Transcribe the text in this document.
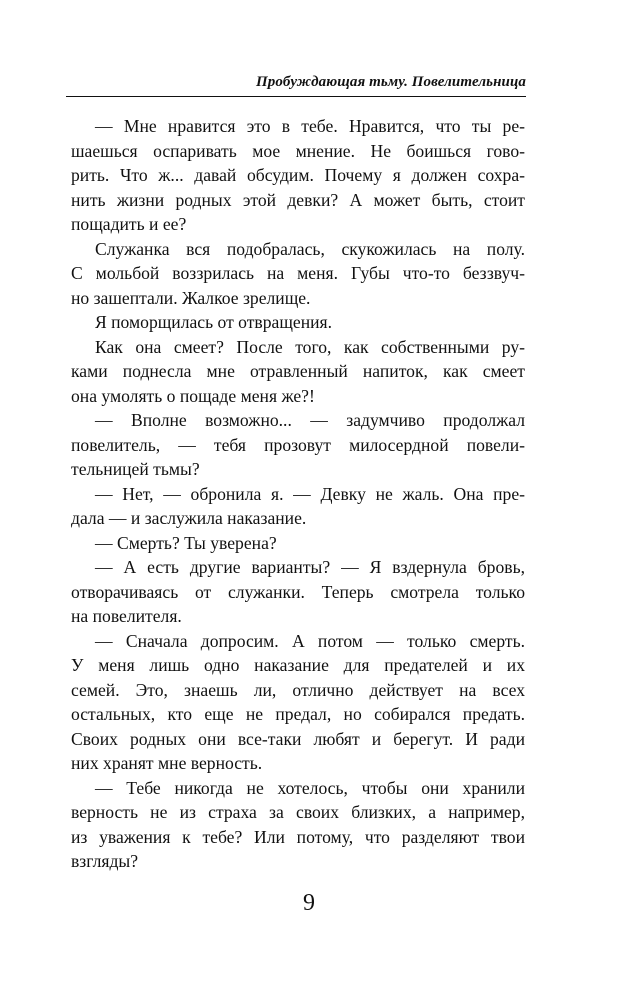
Пробуждающая тьму. Повелительница
— Мне нравится это в тебе. Нравится, что ты ре-
шаешься оспаривать мое мнение. Не боишься гово-
рить. Что ж... давай обсудим. Почему я должен сохра-
нить жизни родных этой девки? А может быть, стоит
пощадить и ее?
Служанка вся подобралась, скукожилась на полу.
С мольбой воззрилась на меня. Губы что-то беззвуч-
но зашептали. Жалкое зрелище.
Я поморщилась от отвращения.
Как она смеет? После того, как собственными ру-
ками поднесла мне отравленный напиток, как смеет
она умолять о пощаде меня же?!
— Вполне возможно... — задумчиво продолжал
повелитель, — тебя прозовут милосердной повели-
тельницей тьмы?
— Нет, — обронила я. — Девку не жаль. Она пре-
дала — и заслужила наказание.
— Смерть? Ты уверена?
— А есть другие варианты? — Я вздернула бровь,
отворачиваясь от служанки. Теперь смотрела только
на повелителя.
— Сначала допросим. А потом — только смерть.
У меня лишь одно наказание для предателей и их
семей. Это, знаешь ли, отлично действует на всех
остальных, кто еще не предал, но собирался предать.
Своих родных они все-таки любят и берегут. И ради
них хранят мне верность.
— Тебе никогда не хотелось, чтобы они хранили
верность не из страха за своих близких, а например,
из уважения к тебе? Или потому, что разделяют твои
взгляды?
9
